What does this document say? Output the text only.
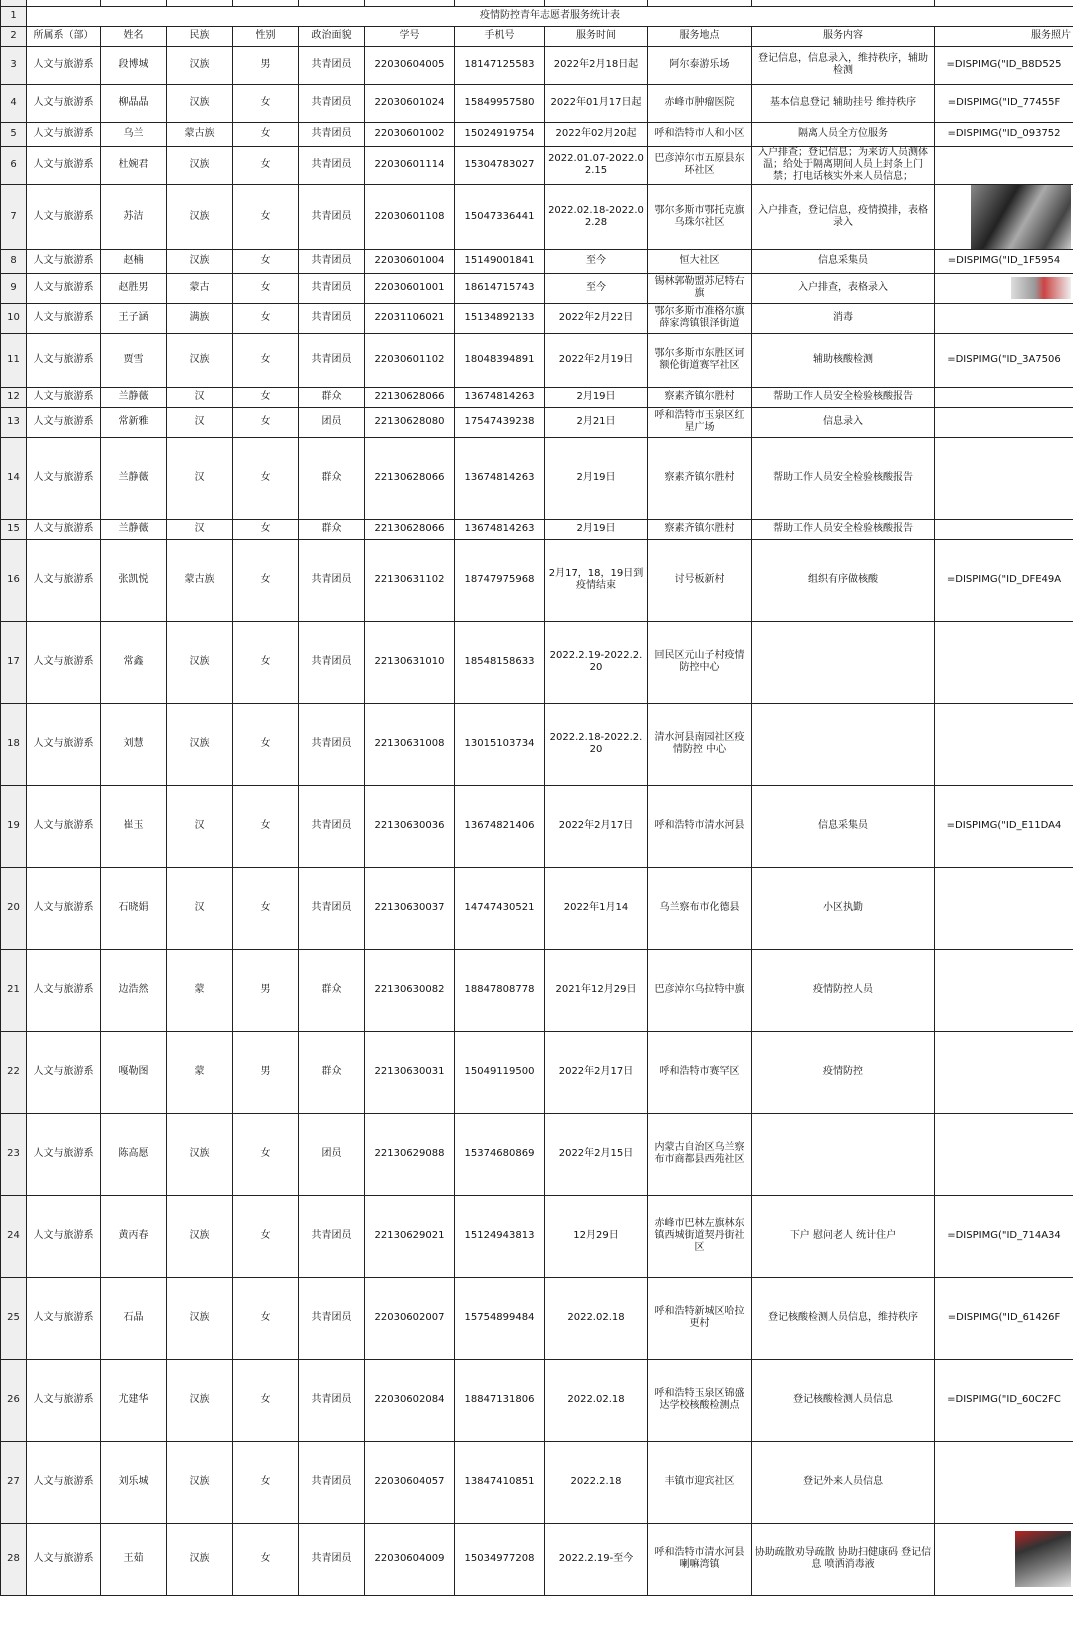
1	疫情防控青年志愿者服务统计表										
2	所属系（部）	姓名	民族	性别	政治面貌	学号	手机号	服务时间	服务地点	服务内容	服务照片
3	人文与旅游系	段博城	汉族	男	共青团员	22030604005	18147125583	2022年2月18日起	阿尔泰游乐场	登记信息，信息录入，维持秩序，辅助检测	=DISPIMG("ID_B8D525
4	人文与旅游系	柳晶晶	汉族	女	共青团员	22030601024	15849957580	2022年01月17日起	赤峰市肿瘤医院	基本信息登记 辅助挂号 维持秩序	=DISPIMG("ID_77455F
5	人文与旅游系	乌兰	蒙古族	女	共青团员	22030601002	15024919754	2022年02月20起	呼和浩特市人和小区	隔离人员全方位服务	=DISPIMG("ID_093752
6	人文与旅游系	杜婉君	汉族	女	共青团员	22030601114	15304783027	2022.01.07-2022.02.15	巴彦淖尔市五原县东环社区	入户排查；登记信息；为来访人员测体温；给处于隔离期间人员上封条上门禁；打电话核实外来人员信息；	
7	人文与旅游系	苏洁	汉族	女	共青团员	22030601108	15047336441	2022.02.18-2022.02.28	鄂尔多斯市鄂托克旗乌珠尔社区	入户排查，登记信息，疫情摸排，表格录入	
8	人文与旅游系	赵楠	汉族	女	共青团员	22030601004	15149001841	至今	恒大社区	信息采集员	=DISPIMG("ID_1F5954
9	人文与旅游系	赵胜男	蒙古	女	共青团员	22030601001	18614715743	至今	锡林郭勒盟苏尼特右旗	入户排查，表格录入	
10	人文与旅游系	王子涵	满族	女	共青团员	22031106021	15134892133	2022年2月22日	鄂尔多斯市准格尔旗薛家湾镇银泽街道	消毒	
11	人文与旅游系	贾雪	汉族	女	共青团员	22030601102	18048394891	2022年2月19日	鄂尔多斯市东胜区诃额伦街道赛罕社区	辅助核酸检测	=DISPIMG("ID_3A7506
12	人文与旅游系	兰静薇	汉	女	群众	22130628066	13674814263	2月19日	察素齐镇尔胜村	帮助工作人员安全检验核酸报告	
13	人文与旅游系	常新雅	汉	女	团员	22130628080	17547439238	2月21日	呼和浩特市玉泉区红星广场	信息录入	
14	人文与旅游系	兰静薇	汉	女	群众	22130628066	13674814263	2月19日	察素齐镇尔胜村	帮助工作人员安全检验核酸报告	
15	人文与旅游系	兰静薇	汉	女	群众	22130628066	13674814263	2月19日	察素齐镇尔胜村	帮助工作人员安全检验核酸报告	
16	人文与旅游系	张凯悦	蒙古族	女	共青团员	22130631102	18747975968	2月17，18，19日到疫情结束	讨号板新村	组织有序做核酸	=DISPIMG("ID_DFE49A
17	人文与旅游系	常鑫	汉族	女	共青团员	22130631010	18548158633	2022.2.19-2022.2.20	回民区元山子村疫情防控中心		
18	人文与旅游系	刘慧	汉族	女	共青团员	22130631008	13015103734	2022.2.18-2022.2.20	清水河县南园社区疫情防控 中心		
19	人文与旅游系	崔玉	汉	女	共青团员	22130630036	13674821406	2022年2月17日	呼和浩特市清水河县	信息采集员	=DISPIMG("ID_E11DA4
20	人文与旅游系	石晓娟	汉	女	共青团员	22130630037	14747430521	2022年1月14	乌兰察布市化德县	小区执勤	
21	人文与旅游系	边浩然	蒙	男	群众	22130630082	18847808778	2021年12月29日	巴彦淖尔乌拉特中旗	疫情防控人员	
22	人文与旅游系	嘎勒图	蒙	男	群众	22130630031	15049119500	2022年2月17日	呼和浩特市赛罕区	疫情防控	
23	人文与旅游系	陈高愿	汉族	女	团员	22130629088	15374680869	2022年2月15日	内蒙古自治区乌兰察布市商都县西苑社区		
24	人文与旅游系	黄丙春	汉族	女	共青团员	22130629021	15124943813	12月29日	赤峰市巴林左旗林东镇西城街道契丹街社区	下户 慰问老人 统计住户	=DISPIMG("ID_714A34
25	人文与旅游系	石晶	汉族	女	共青团员	22030602007	15754899484	2022.02.18	呼和浩特新城区哈拉更村	登记核酸检测人员信息，维持秩序	=DISPIMG("ID_61426F
26	人文与旅游系	尤建华	汉族	女	共青团员	22030602084	18847131806	2022.02.18	呼和浩特玉泉区锦盛达学校核酸检测点	登记核酸检测人员信息	=DISPIMG("ID_60C2FC
27	人文与旅游系	刘乐城	汉族	女	共青团员	22030604057	13847410851	2022.2.18	丰镇市迎宾社区	登记外来人员信息	
28	人文与旅游系	王茹	汉族	女	共青团员	22030604009	15034977208	2022.2.19-至今	呼和浩特市清水河县喇嘛湾镇	协助疏散劝导疏散 协助扫健康码 登记信息 喷洒消毒液	
